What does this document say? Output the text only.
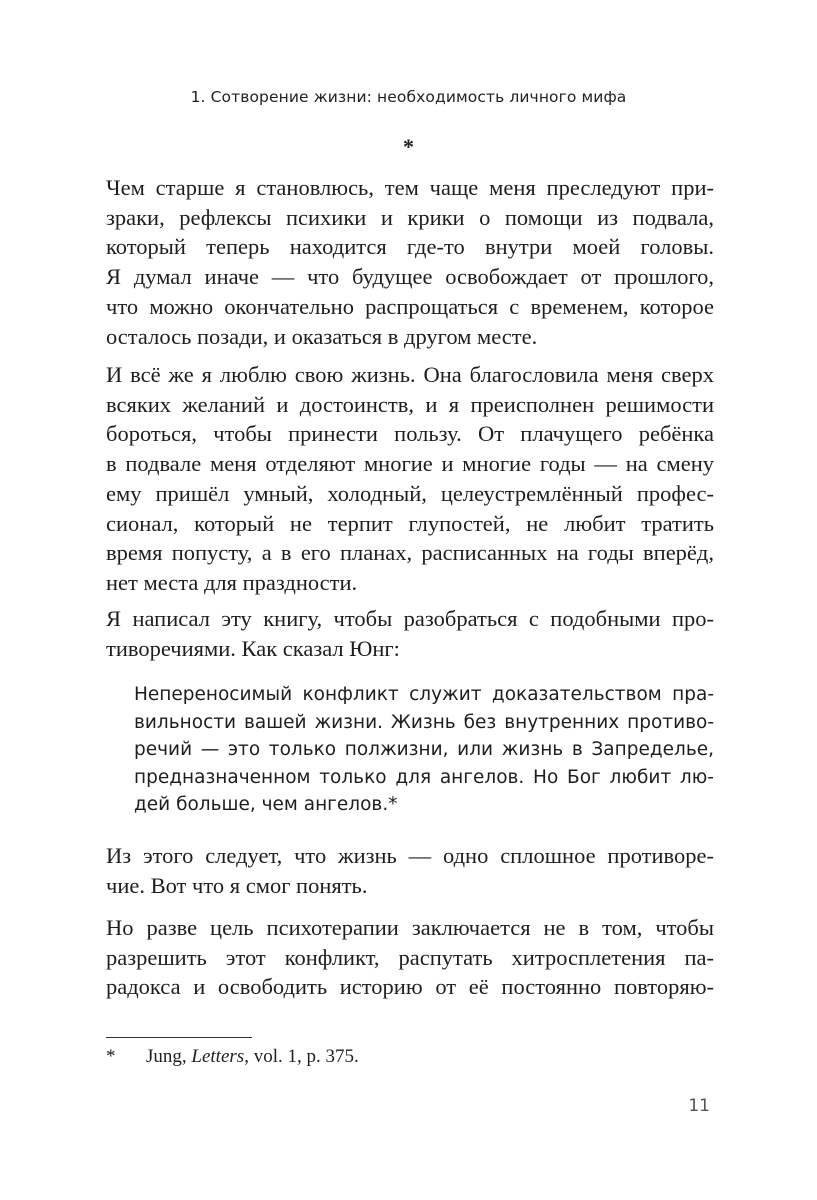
1. Сотворение жизни: необходимость личного мифа
*
Чем старше я становлюсь, тем чаще меня преследуют при-
зраки, рефлексы психики и крики о помощи из подвала,
который теперь находится где-то внутри моей головы.
Я думал иначе — что будущее освобождает от прошлого,
что можно окончательно распрощаться с временем, которое
осталось позади, и оказаться в другом месте.
И всё же я люблю свою жизнь. Она благословила меня сверх
всяких желаний и достоинств, и я преисполнен решимости
бороться, чтобы принести пользу. От плачущего ребёнка
в подвале меня отделяют многие и многие годы — на смену
ему пришёл умный, холодный, целеустремлённый профес-
сионал, который не терпит глупостей, не любит тратить
время попусту, а в его планах, расписанных на годы вперёд,
нет места для праздности.
Я написал эту книгу, чтобы разобраться с подобными про-
тиворечиями. Как сказал Юнг:
Непереносимый конфликт служит доказательством пра-
вильности вашей жизни. Жизнь без внутренних противо-
речий — это только полжизни, или жизнь в Запредельe,
предназначенном только для ангелов. Но Бог любит лю-
дей больше, чем ангелов.*
Из этого следует, что жизнь — одно сплошное противоре-
чие. Вот что я смог понять.
Но разве цель психотерапии заключается не в том, чтобы
разрешить этот конфликт, распутать хитросплетения па-
радокса и освободить историю от её постоянно повторяю-
* Jung, Letters, vol. 1, p. 375.
11
